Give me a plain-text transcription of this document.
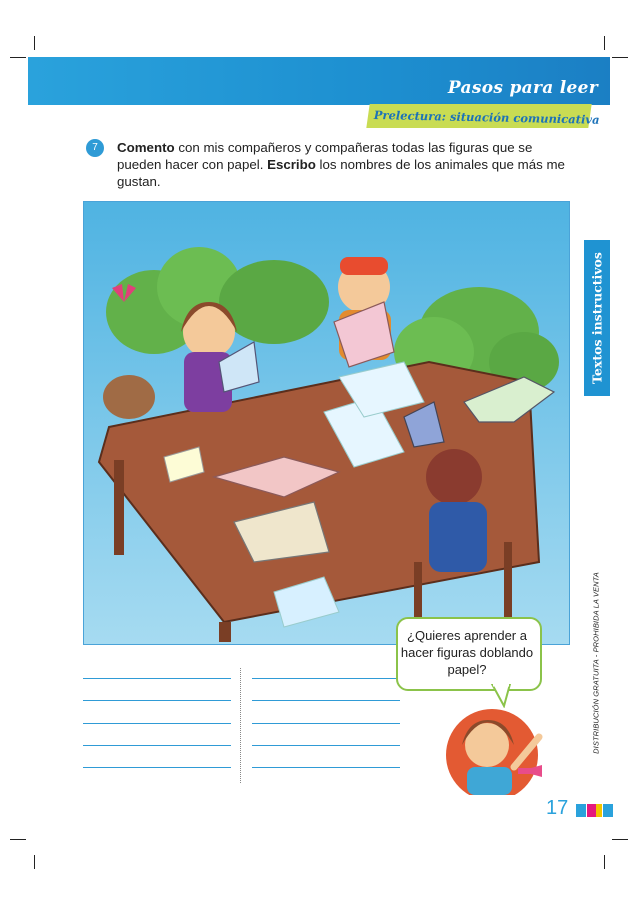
Pasos para leer
Prelectura: situación comunicativa
7	Comento con mis compañeros y compañeras todas las figuras que se pueden hacer con papel. Escribo los nombres de los animales que más me gustan.
Textos instructivos
DISTRIBUCIÓN GRATUITA - PROHIBIDA LA VENTA
¿Quieres aprender a hacer figuras doblando papel?
17
